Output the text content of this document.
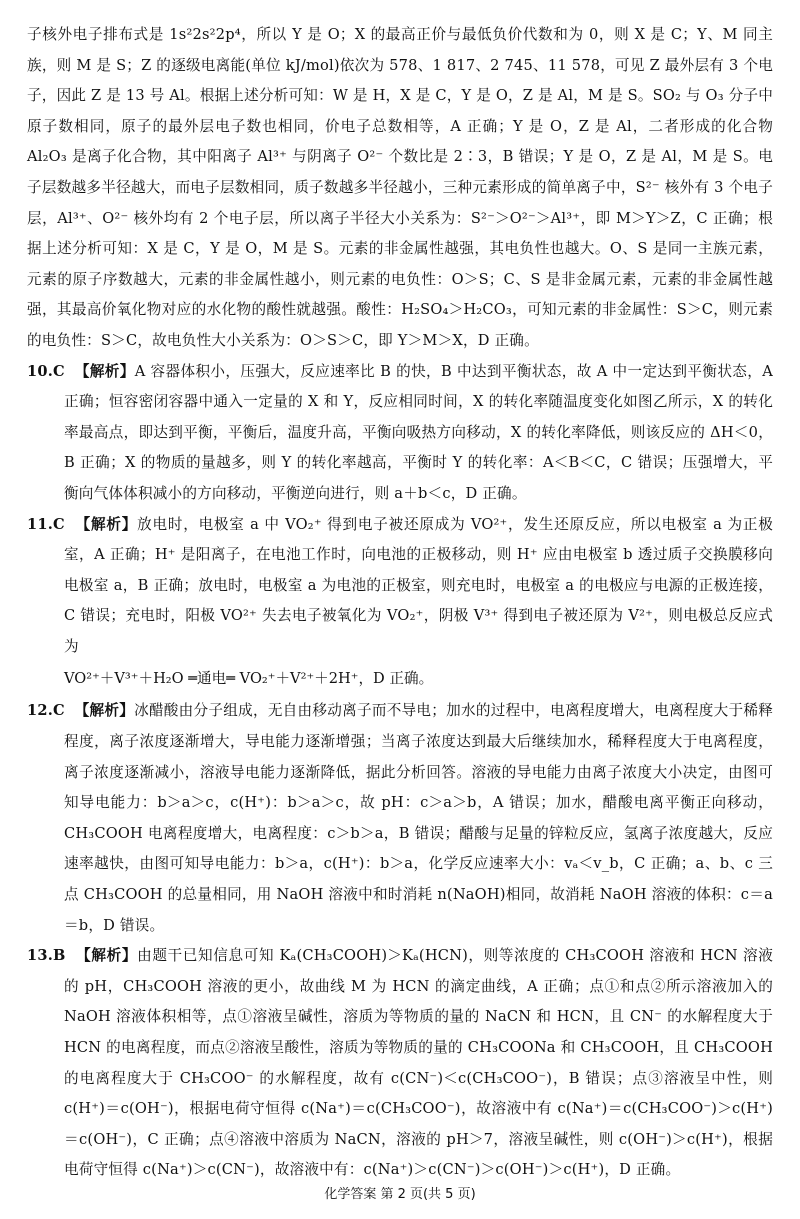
子核外电子排布式是 1s²2s²2p⁴，所以 Y 是 O；X 的最高正价与最低负价代数和为 0，则 X 是 C；Y、M 同主族，则 M 是 S；Z 的逐级电离能(单位 kJ/mol)依次为 578、1 817、2 745、11 578，可见 Z 最外层有 3 个电子，因此 Z 是 13 号 Al。根据上述分析可知：W 是 H，X 是 C，Y 是 O，Z 是 Al，M 是 S。SO₂ 与 O₃ 分子中原子数相同，原子的最外层电子数也相同，价电子总数相等，A 正确；Y 是 O，Z 是 Al，二者形成的化合物 Al₂O₃ 是离子化合物，其中阳离子 Al³⁺ 与阴离子 O²⁻ 个数比是 2∶3，B 错误；Y 是 O，Z 是 Al，M 是 S。电子层数越多半径越大，而电子层数相同，质子数越多半径越小，三种元素形成的简单离子中，S²⁻ 核外有 3 个电子层，Al³⁺、O²⁻ 核外均有 2 个电子层，所以离子半径大小关系为：S²⁻＞O²⁻＞Al³⁺，即 M＞Y＞Z，C 正确；根据上述分析可知：X 是 C，Y 是 O，M 是 S。元素的非金属性越强，其电负性也越大。O、S 是同一主族元素，元素的原子序数越大，元素的非金属性越小，则元素的电负性：O＞S；C、S 是非金属元素，元素的非金属性越强，其最高价氧化物对应的水化物的酸性就越强。酸性：H₂SO₄＞H₂CO₃，可知元素的非金属性：S＞C，则元素的电负性：S＞C，故电负性大小关系为：O＞S＞C，即 Y＞M＞X，D 正确。

10.C 【解析】A 容器体积小，压强大，反应速率比 B 的快，B 中达到平衡状态，故 A 中一定达到平衡状态，A 正确；恒容密闭容器中通入一定量的 X 和 Y，反应相同时间，X 的转化率随温度变化如图乙所示，X 的转化率最高点，即达到平衡，平衡后，温度升高，平衡向吸热方向移动，X 的转化率降低，则该反应的 ΔH＜0，B 正确；X 的物质的量越多，则 Y 的转化率越高，平衡时 Y 的转化率：A＜B＜C，C 错误；压强增大，平衡向气体体积减小的方向移动，平衡逆向进行，则 a＋b＜c，D 正确。

11.C 【解析】放电时，电极室 a 中 VO₂⁺ 得到电子被还原成为 VO²⁺，发生还原反应，所以电极室 a 为正极室，A 正确；H⁺ 是阳离子，在电池工作时，向电池的正极移动，则 H⁺ 应由电极室 b 透过质子交换膜移向电极室 a，B 正确；放电时，电极室 a 为电池的正极室，则充电时，电极室 a 的电极应与电源的正极连接，C 错误；充电时，阳极 VO²⁺ 失去电子被氧化为 VO₂⁺，阴极 V³⁺ 得到电子被还原为 V²⁺，则电极总反应式为

VO²⁺＋V³⁺＋H₂O ═通电═ VO₂⁺＋V²⁺＋2H⁺，D 正确。

12.C 【解析】冰醋酸由分子组成，无自由移动离子而不导电；加水的过程中，电离程度增大，电离程度大于稀释程度，离子浓度逐渐增大，导电能力逐渐增强；当离子浓度达到最大后继续加水，稀释程度大于电离程度，离子浓度逐渐减小，溶液导电能力逐渐降低，据此分析回答。溶液的导电能力由离子浓度大小决定，由图可知导电能力：b＞a＞c，c(H⁺)：b＞a＞c，故 pH：c＞a＞b，A 错误；加水，醋酸电离平衡正向移动，CH₃COOH 电离程度增大，电离程度：c＞b＞a，B 错误；醋酸与足量的锌粒反应，氢离子浓度越大，反应速率越快，由图可知导电能力：b＞a，c(H⁺)：b＞a，化学反应速率大小：vₐ＜v_b，C 正确；a、b、c 三点 CH₃COOH 的总量相同，用 NaOH 溶液中和时消耗 n(NaOH)相同，故消耗 NaOH 溶液的体积：c＝a＝b，D 错误。

13.B 【解析】由题干已知信息可知 Kₐ(CH₃COOH)＞Kₐ(HCN)，则等浓度的 CH₃COOH 溶液和 HCN 溶液的 pH，CH₃COOH 溶液的更小，故曲线 M 为 HCN 的滴定曲线，A 正确；点①和点②所示溶液加入的 NaOH 溶液体积相等，点①溶液呈碱性，溶质为等物质的量的 NaCN 和 HCN，且 CN⁻ 的水解程度大于 HCN 的电离程度，而点②溶液呈酸性，溶质为等物质的量的 CH₃COONa 和 CH₃COOH，且 CH₃COOH 的电离程度大于 CH₃COO⁻ 的水解程度，故有 c(CN⁻)＜c(CH₃COO⁻)，B 错误；点③溶液呈中性，则 c(H⁺)＝c(OH⁻)，根据电荷守恒得 c(Na⁺)＝c(CH₃COO⁻)，故溶液中有 c(Na⁺)＝c(CH₃COO⁻)＞c(H⁺)＝c(OH⁻)，C 正确；点④溶液中溶质为 NaCN，溶液的 pH＞7，溶液呈碱性，则 c(OH⁻)＞c(H⁺)，根据电荷守恒得 c(Na⁺)＞c(CN⁻)，故溶液中有：c(Na⁺)＞c(CN⁻)＞c(OH⁻)＞c(H⁺)，D 正确。

化学答案 第 2 页(共 5 页)
